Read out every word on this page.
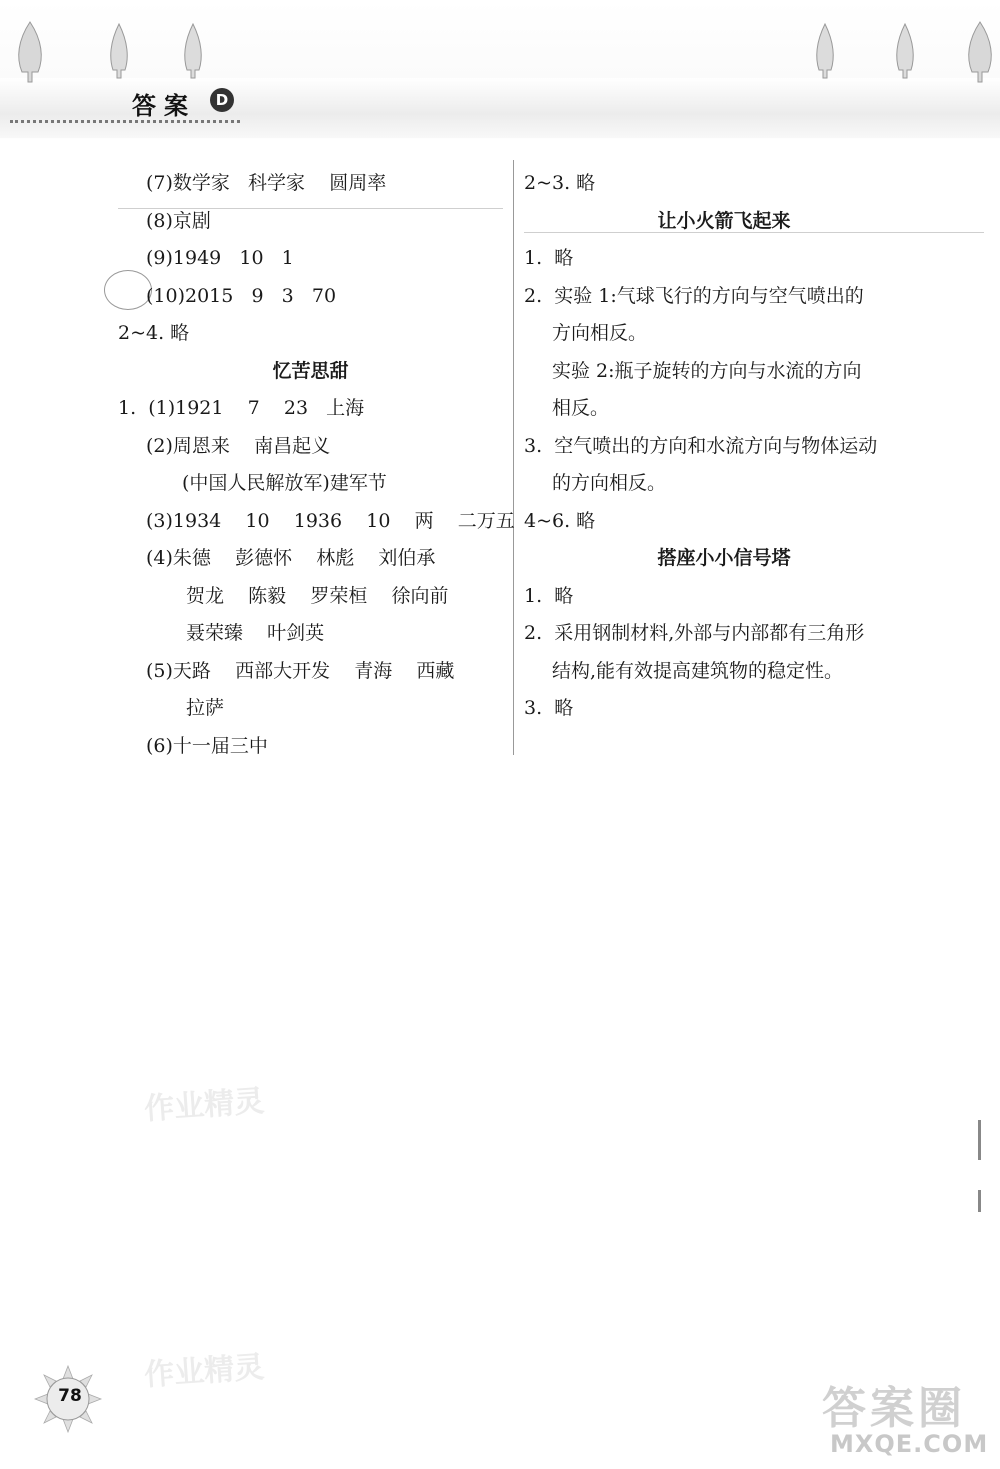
答案	D
(7)数学家   科学家    圆周率
(8)京剧
(9)1949   10   1
(10)2015   9   3   70
2~4. 略
忆苦思甜
1.  (1)1921    7    23   上海
(2)周恩来    南昌起义
(中国人民解放军)建军节
(3)1934    10    1936    10    两    二万五
(4)朱德    彭德怀    林彪    刘伯承
贺龙    陈毅    罗荣桓    徐向前
聂荣臻    叶剑英
(5)天路    西部大开发    青海    西藏
拉萨
(6)十一届三中
2~3. 略
让小火箭飞起来
1.  略
2.  实验 1:气球飞行的方向与空气喷出的
方向相反。
实验 2:瓶子旋转的方向与水流的方向
相反。
3.  空气喷出的方向和水流方向与物体运动
的方向相反。
4~6. 略
搭座小小信号塔
1.  略
2.  采用钢制材料,外部与内部都有三角形
结构,能有效提高建筑物的稳定性。
3.  略
作业精灵
作业精灵
78	答案圈
MXQE.COM
